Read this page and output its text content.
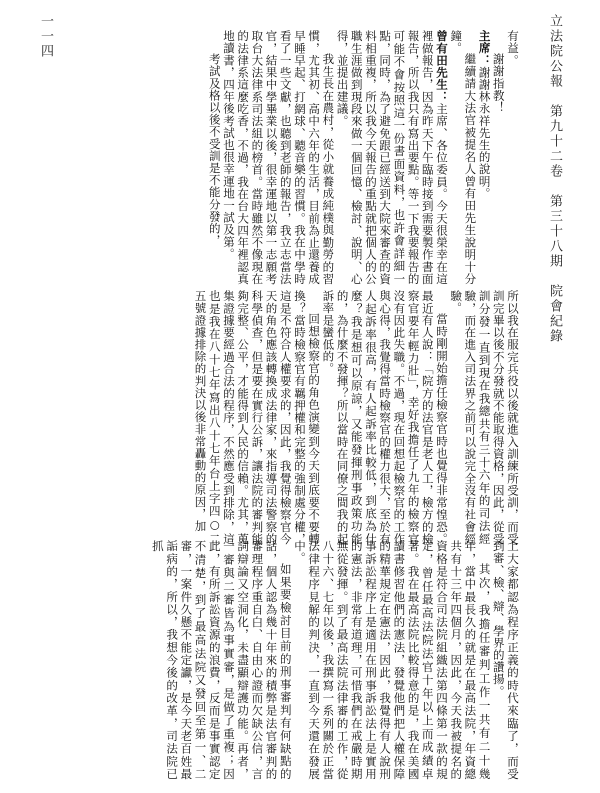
立法院公報　第九十二卷　第三十八期　院會紀錄
一一四	有益。

謝謝指教！

主席：謝謝林永祥先生的說明。

繼續請大法官被提名人曾有田先生說明十分鐘。

曾有田先生：主席、各位委員。今天很榮幸在這裡做報告，因為昨天下午臨時接到需要製作書面報告，所以我只有寫出要點。等一下我要報告的可能不會按照這一份書面資料，也許會詳細一點，同時，為了避免跟已經送到大院來審查的資料相重複，所以我今天報告的重點就把個人的公職生涯做到現段來做一個回憶、檢討、說明、心得，並提出建議。

我生長在農村，從小就養成純樸與勤勞的習慣，尤其初、高中六年的生活，目前為止還養成早睡早起、打網球、聽音樂的習慣。我在中學時看了一些文獻，也聽到老師的報告，我立志當法官，結果中學畢業以後，很幸運地以第一志願考取台大法律系司法組的榜首。當時雖然不像現在的法律系這麼吃香，不過，我在台大四年裡認真地讀書，四年後考試也很幸運地一試及第。

考試及格以後不受訓是不能分發的，

所以我在服完兵役以後就進入訓練所受訓，而受訓完畢以後不分發就不能取得資格，因此，從受訓分發一直到現在我總共有三十六年的司法經驗，而在進入司法界之前可以說完全沒有社會經驗。

當時剛開始擔任檢察官時也覺得非常惶恐。最近有人說：「院方的法官是老人工，檢方的檢察官要年輕力壯」，幸好我擔任了九年的檢察官沒有因此失職。不過，現在回想起檢察官的工作與心得，我覺得當時檢察官的權力很大，至於有人起訴率很高，有人起訴率比較低，到底為什麼？我是想可以原諒，又能發揮刑事政策功能的，為什麼不發揮？所以當時在同僚之間我的起訴率是蠻低的。

回想檢察官的角色演變到今天到底要不要轉換？當時檢察官有羈押權和完整的強制處分權，這是不符合人權要求的，因此，我覺得檢察官今天的角色應該轉換成法律家，來指導司法警察的科學偵查，但是要在實行公訴，讓法院的審判能夠完整、公平，才能得到人民的信賴。尤其，蒐集證據要經過合法的程序，不然應受到排除，這也是我在八十七年寫出八十七年台上字四○二五號證據排除的判決以後非常轟動的原因，加

上大家都認為程序正義的時代來臨了，而受到審、檢、辯、學界的讚揚。

其次，我擔任審判工作一共有二十幾年，當中最長久的就是在最高法院，年資總共有十三年四個月，因此，今天我被提名的資格是符合司法院組織法第四條第一款的規定，曾任最高法院法官十年以上而成績卓著。我在最高法院比較得意的是，我在美國讀書修習他們的憲法，發覺他們把人權保障的精華規定在憲法，因此，我覺得有人說刑事訴訟程序上是適用在刑事訴訟法上是實用的憲法，非常有道理，可惜我們在戒嚴時期無從發揮。到了最高法院法律審的工作，從八十六、七年以後，我撰寫一系列關於正當法律程序見解的判決，一直到今天還在發展中。

如果要檢討目前的刑事審判有何缺點的話，個人認為幾十年來的積弊是法官審判的審理程序重自白、自由心證而欠缺公信，言詞辯論又空洞化，未盡顯辯護功能。再者，一審與二審皆為事實審，是做了重複；因此，有所訴訟資源的浪費，反而是事實認定不清楚，到了最高法院又發回至第一、二審，一案件久懸不能定讞，是今天老百姓最詬病的，所以，我想今後的改革，司法院已抓
